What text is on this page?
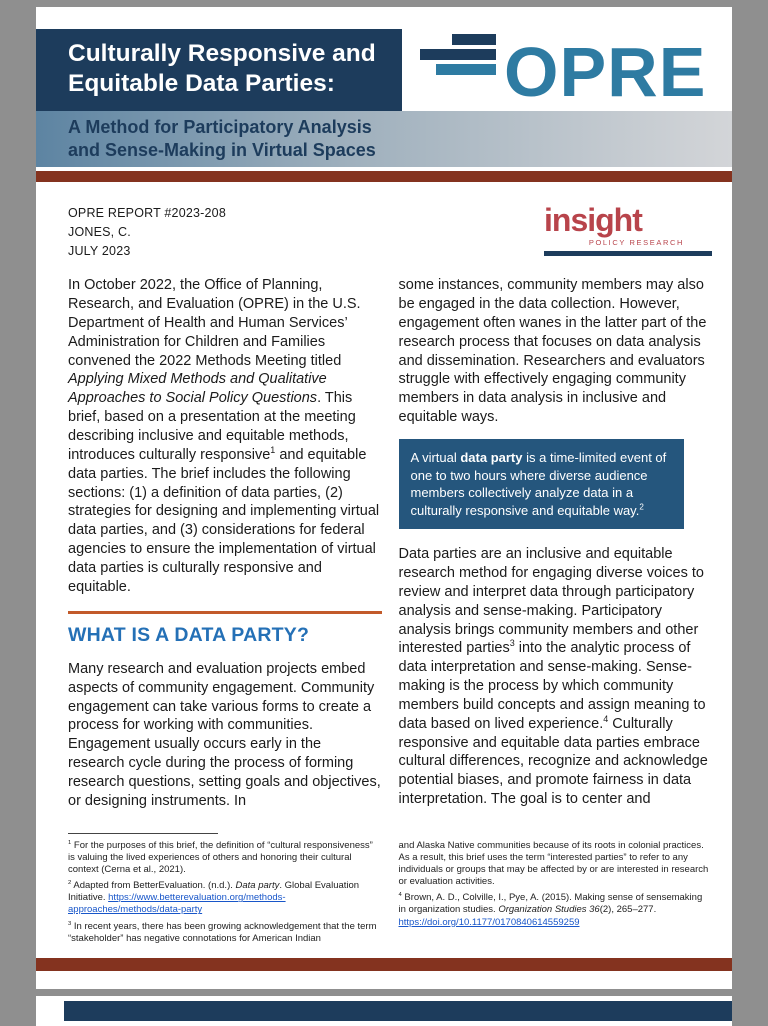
Culturally Responsive and
Equitable Data Parties:	OPRE
A Method for Participatory Analysis
and Sense-Making in Virtual Spaces
OPRE REPORT #2023-208
JONES, C.
JULY 2023
insight
POLICY RESEARCH

In October 2022, the Office of Planning, Research, and Evaluation (OPRE) in the U.S. Department of Health and Human Services’ Administration for Children and Families convened the 2022 Methods Meeting titled Applying Mixed Methods and Qualitative Approaches to Social Policy Questions. This brief, based on a presentation at the meeting describing inclusive and equitable methods, introduces culturally responsive$^1$ and equitable data parties. The brief includes the following sections: (1) a definition of data parties, (2) strategies for designing and implementing virtual data parties, and (3) considerations for federal agencies to ensure the implementation of virtual data parties is culturally responsive and equitable.

WHAT IS A DATA PARTY?

Many research and evaluation projects embed aspects of community engagement. Community engagement can take various forms to create a process for working with communities. Engagement usually occurs early in the research cycle during the process of forming research questions, setting goals and objectives, or designing instruments. In

some instances, community members may also be engaged in the data collection. However, engagement often wanes in the latter part of the research process that focuses on data analysis and dissemination. Researchers and evaluators struggle with effectively engaging community members in data analysis in inclusive and equitable ways.

A virtual data party is a time-limited event of one to two hours where diverse audience members collectively analyze data in a culturally responsive and equitable way.$^2$

Data parties are an inclusive and equitable research method for engaging diverse voices to review and interpret data through participatory analysis and sense-making. Participatory analysis brings community members and other interested parties$^3$ into the analytic process of data interpretation and sense-making. Sense-making is the process by which community members build concepts and assign meaning to data based on lived experience.$^4$ Culturally responsive and equitable data parties embrace cultural differences, recognize and acknowledge potential biases, and promote fairness in data interpretation. The goal is to center and

$^1$ For the purposes of this brief, the definition of “cultural responsiveness” is valuing the lived experiences of others and honoring their cultural context (Cerna et al., 2021).

$^2$ Adapted from BetterEvaluation. (n.d.). Data party. Global Evaluation Initiative. https://www.betterevaluation.org/methods-approaches/methods/data-party

$^3$ In recent years, there has been growing acknowledgement that the term “stakeholder” has negative connotations for American Indian

and Alaska Native communities because of its roots in colonial practices. As a result, this brief uses the term “interested parties” to refer to any individuals or groups that may be affected by or are interested in research or evaluation activities.

$^4$ Brown, A. D., Colville, I., Pye, A. (2015). Making sense of sensemaking in organization studies. Organization Studies 36(2), 265–277. https://doi.org/10.1177/0170840614559259
